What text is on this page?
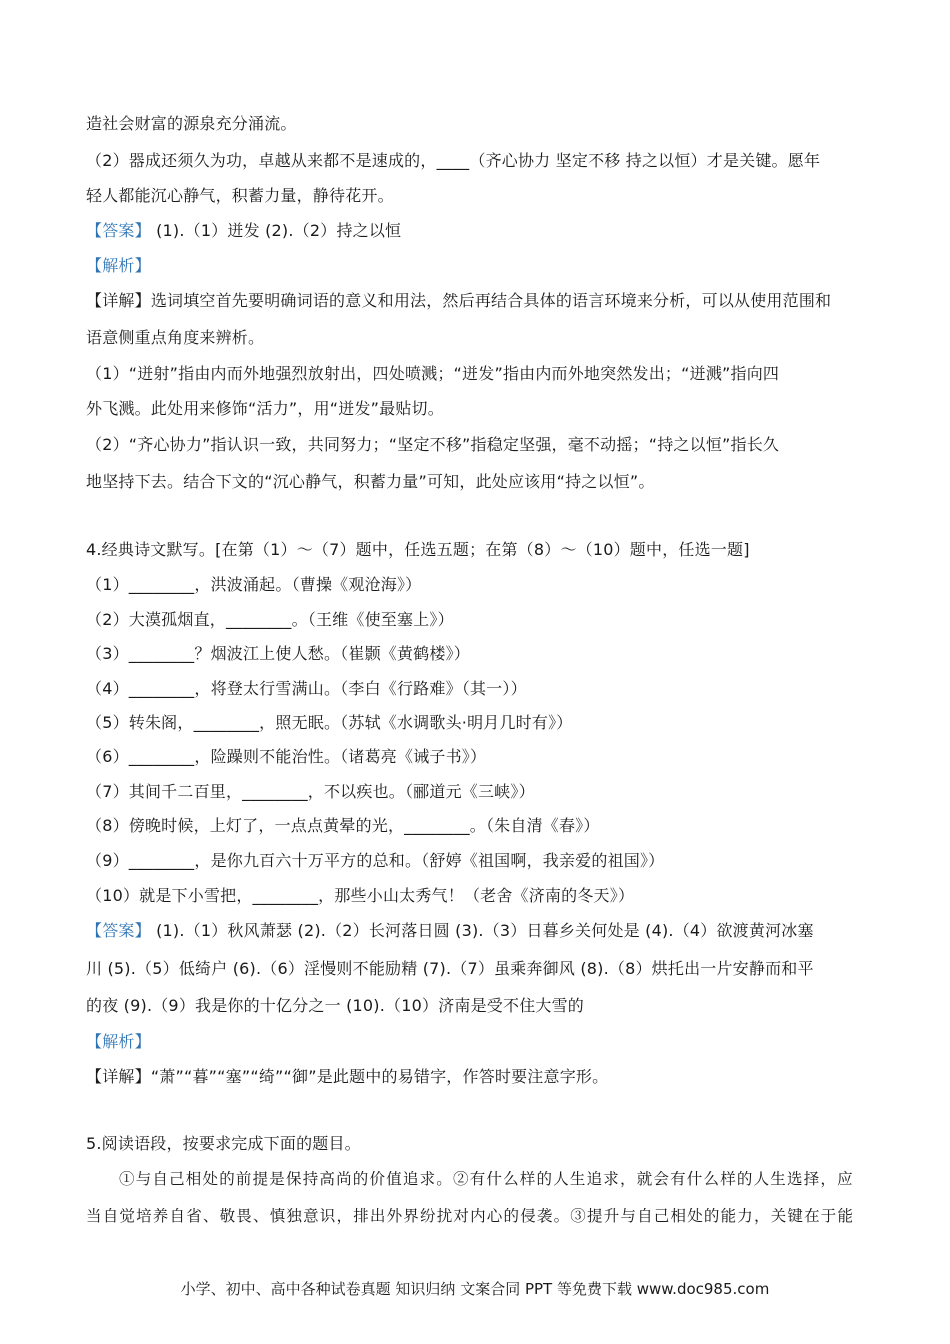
造社会财富的源泉充分涌流。
（2）器成还须久为功，卓越从来都不是速成的，____（齐心协力 坚定不移 持之以恒）才是关键。愿年
轻人都能沉心静气，积蓄力量，静待花开。
【答案】 (1).（1）迸发 (2).（2）持之以恒
【解析】
【详解】选词填空首先要明确词语的意义和用法，然后再结合具体的语言环境来分析，可以从使用范围和
语意侧重点角度来辨析。
（1）“迸射”指由内而外地强烈放射出，四处喷溅；“迸发”指由内而外地突然发出；“迸溅”指向四
外飞溅。此处用来修饰“活力”，用“迸发”最贴切。
（2）“齐心协力”指认识一致，共同努力；“坚定不移”指稳定坚强，毫不动摇；“持之以恒”指长久
地坚持下去。结合下文的“沉心静气，积蓄力量”可知，此处应该用“持之以恒”。
4.经典诗文默写。[在第（1）～（7）题中，任选五题；在第（8）～（10）题中，任选一题]
（1）________，洪波涌起。（曹操《观沧海》）
（2）大漠孤烟直，________。（王维《使至塞上》）
（3）________？烟波江上使人愁。（崔颢《黄鹤楼》）
（4）________，将登太行雪满山。（李白《行路难》（其一））
（5）转朱阁，________，照无眠。（苏轼《水调歌头·明月几时有》）
（6）________，险躁则不能治性。（诸葛亮《诫子书》）
（7）其间千二百里，________，不以疾也。（郦道元《三峡》）
（8）傍晚时候，上灯了，一点点黄晕的光，________。（朱自清《春》）
（9）________，是你九百六十万平方的总和。（舒婷《祖国啊，我亲爱的祖国》）
（10）就是下小雪把，________，那些小山太秀气！（老舍《济南的冬天》）
【答案】 (1).（1）秋风萧瑟 (2).（2）长河落日圆 (3).（3）日暮乡关何处是 (4).（4）欲渡黄河冰塞
川 (5).（5）低绮户 (6).（6）淫慢则不能励精 (7).（7）虽乘奔御风 (8).（8）烘托出一片安静而和平
的夜 (9).（9）我是你的十亿分之一 (10).（10）济南是受不住大雪的
【解析】
【详解】“萧”“暮”“塞”“绮”“御”是此题中的易错字，作答时要注意字形。
5.阅读语段，按要求完成下面的题目。
①与自己相处的前提是保持高尚的价值追求。②有什么样的人生追求，就会有什么样的人生选择，应
当自觉培养自省、敬畏、慎独意识，排出外界纷扰对内心的侵袭。③提升与自己相处的能力，关键在于能
小学、初中、高中各种试卷真题 知识归纳 文案合同 PPT 等免费下载 www.doc985.com
